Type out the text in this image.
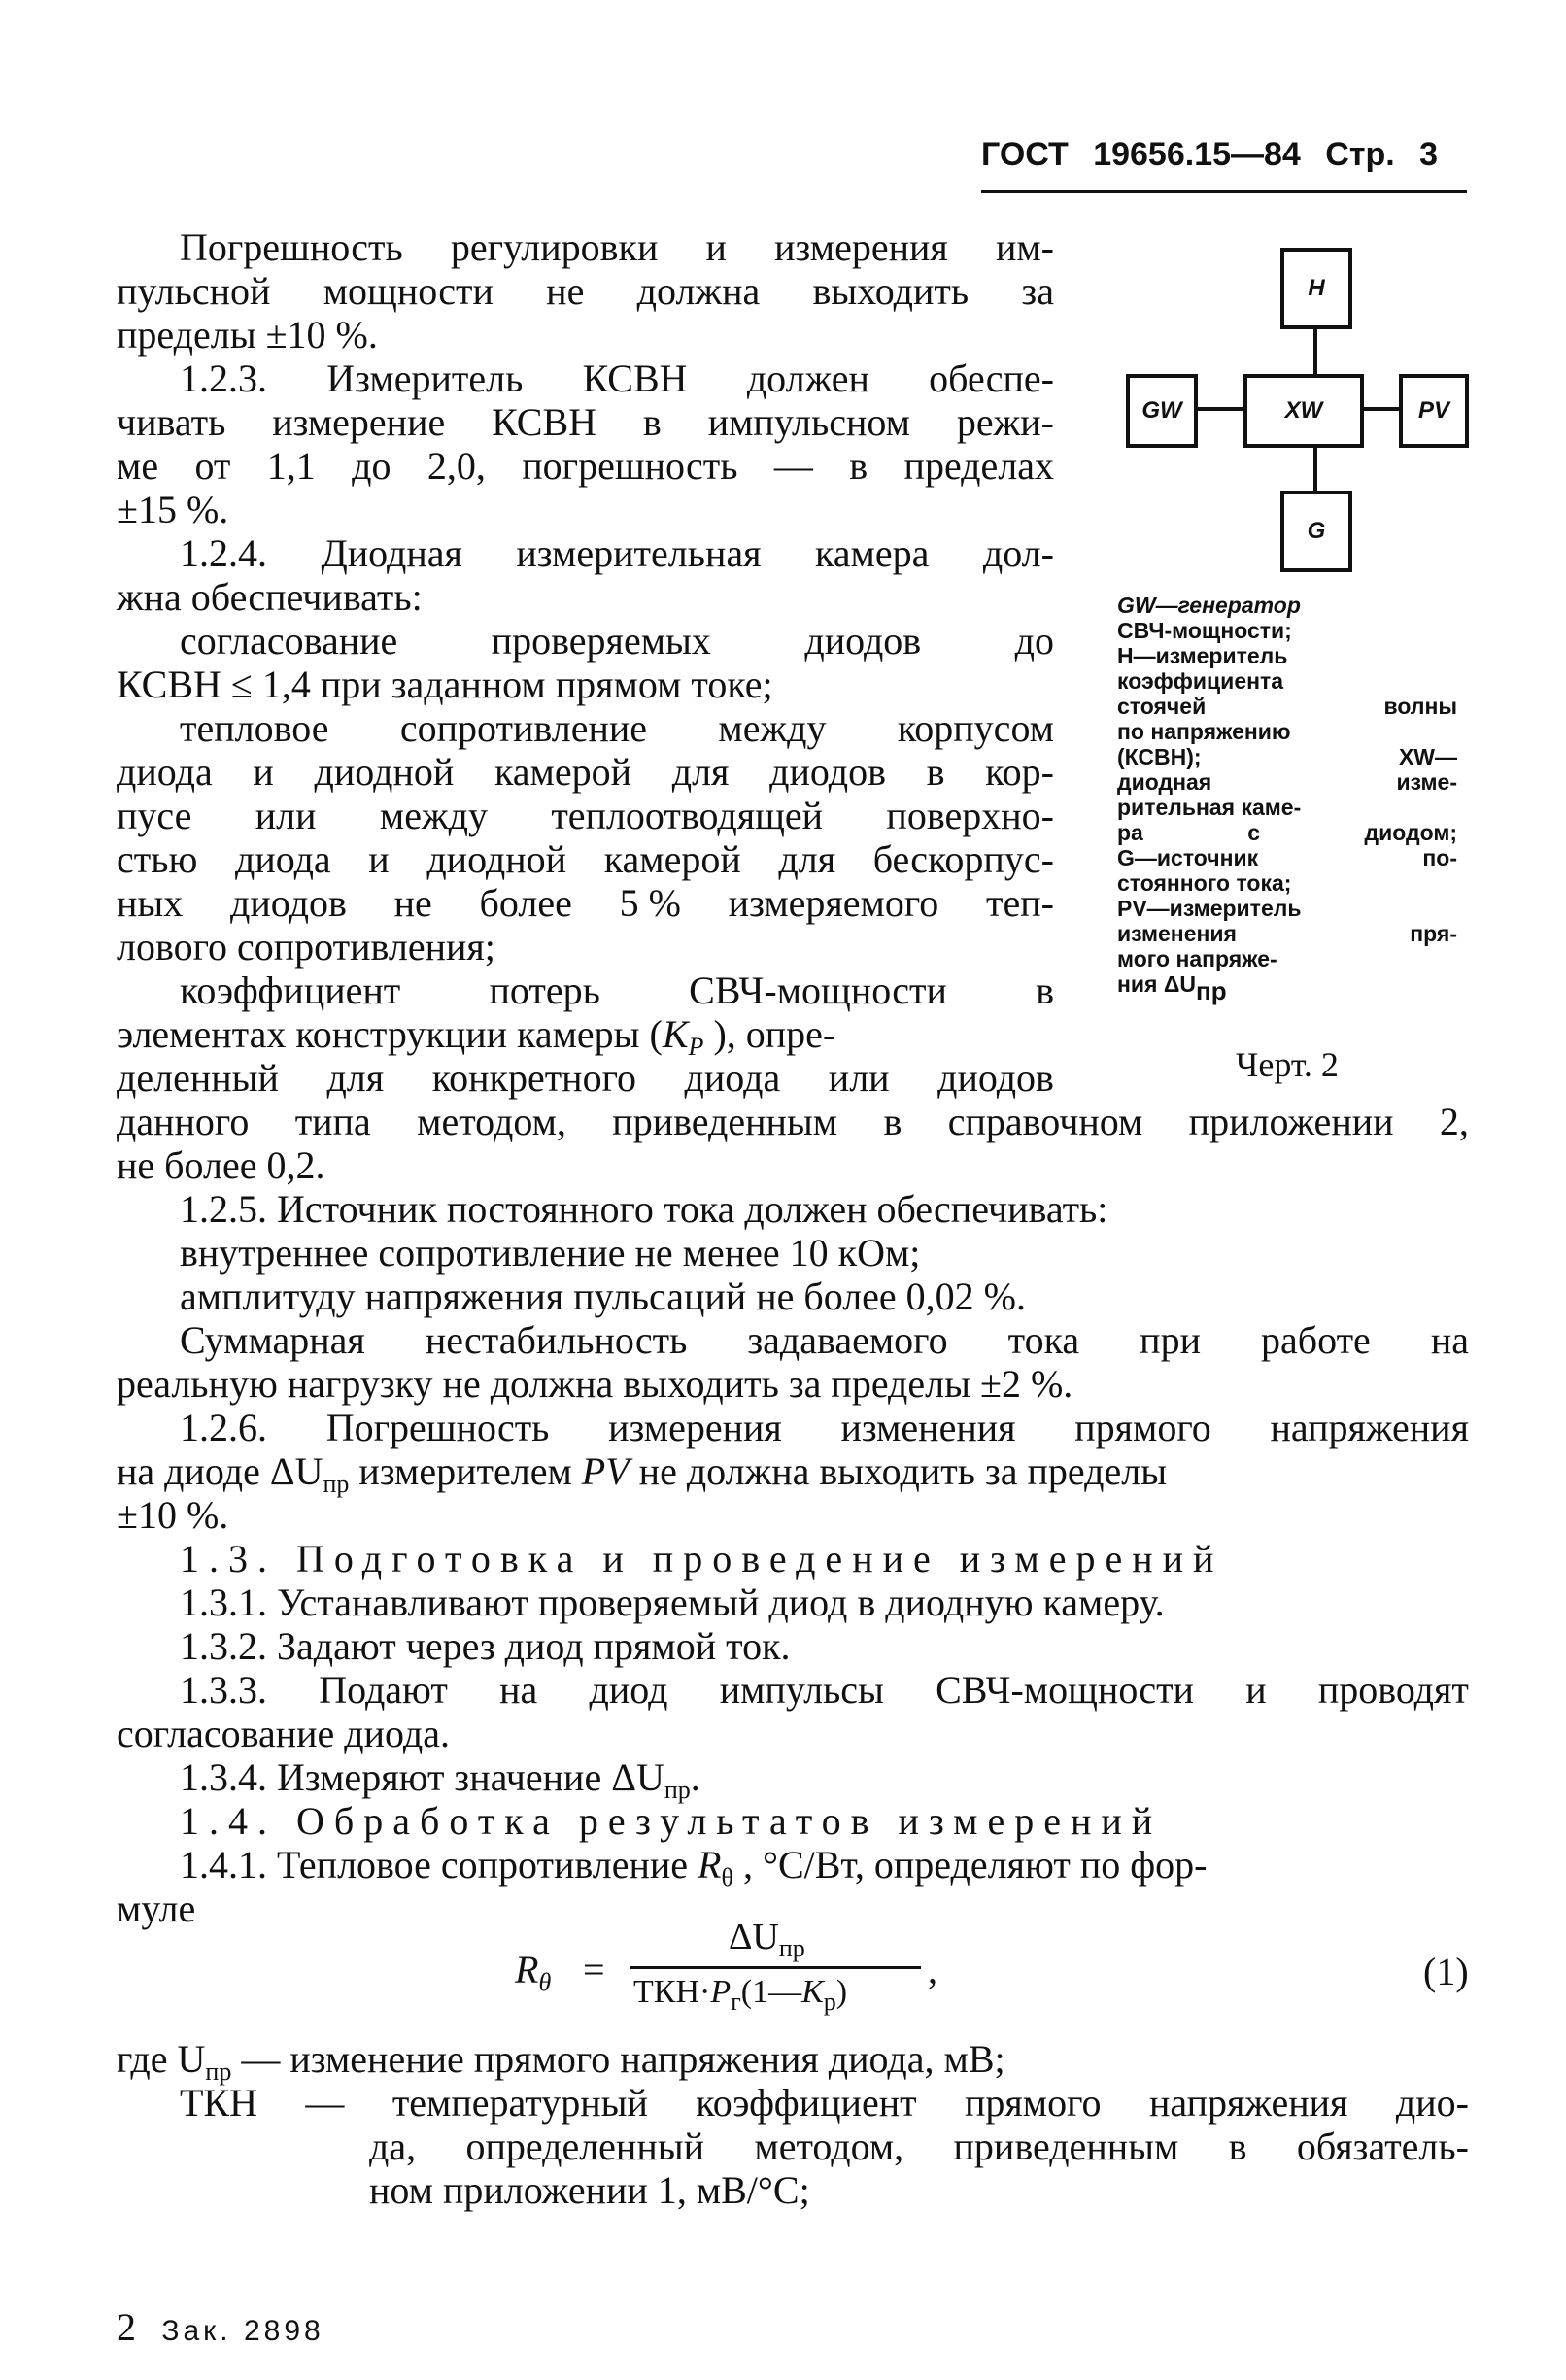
ГОСТ 19656.15—84 Стр. 3
Н
GW	XW	PV
G
GW—генератор
СВЧ-мощности;
H—измеритель
коэффициента
стоячей	волны
по напряжению
(КСВН);	XW—
диодная	изме-
рительная каме-
ра	с	диодом;
G—источник	по-
стоянного тока;
PV—измеритель
изменения	пря-
мого напряже-
ния ΔUпр
Черт. 2
Погрешность регулировки и измерения им-
пульсной мощности не должна выходить за
пределы ±10 %.
1.2.3. Измеритель КСВН должен обеспе-
чивать измерение КСВН в импульсном режи-
ме от 1,1 до 2,0, погрешность — в пределах
±15 %.
1.2.4. Диодная измерительная камера дол-
жна обеспечивать:
согласование проверяемых диодов до
КСВН ≤ 1,4 при заданном прямом токе;
тепловое сопротивление между корпусом
диода и диодной камерой для диодов в кор-
пусе или между теплоотводящей поверхно-
стью диода и диодной камерой для бескорпус-
ных диодов не более 5 % измеряемого теп-
лового сопротивления;
коэффициент потерь СВЧ-мощности в
элементах конструкции камеры ($K_P$ ), опре-
деленный для конкретного диода или диодов
данного типа методом, приведенным в справочном приложении 2,
не более 0,2.
1.2.5. Источник постоянного тока должен обеспечивать:
внутреннее сопротивление не менее 10 кОм;
амплитуду напряжения пульсаций не более 0,02 %.
Суммарная нестабильность задаваемого тока при работе на
реальную нагрузку не должна выходить за пределы ±2 %.
1.2.6. Погрешность измерения изменения прямого напряжения
на диоде $\Delta U_{пр}$ измерителем PV не должна выходить за пределы
±10 %.
1.3. Подготовка и проведение измерений
1.3.1. Устанавливают проверяемый диод в диодную камеру.
1.3.2. Задают через диод прямой ток.
1.3.3. Подают на диод импульсы СВЧ-мощности и проводят
согласование диода.
1.3.4. Измеряют значение $\Delta U_{пр}$.
1.4. Обработка результатов измерений
1.4.1. Тепловое сопротивление $R_\theta$ , °С/Вт, определяют по фор-
муле
$R_\theta$ =
$\Delta U_{пр}$
$ТКН\cdot P_г(1—K_р)$
,	(1)
где $U_{пр}$ — изменение прямого напряжения диода, мВ;
ТКН — температурный коэффициент прямого напряжения дио-
да, определенный методом, приведенным в обязатель-
ном приложении 1, мВ/°С;
2 Зак. 2898
